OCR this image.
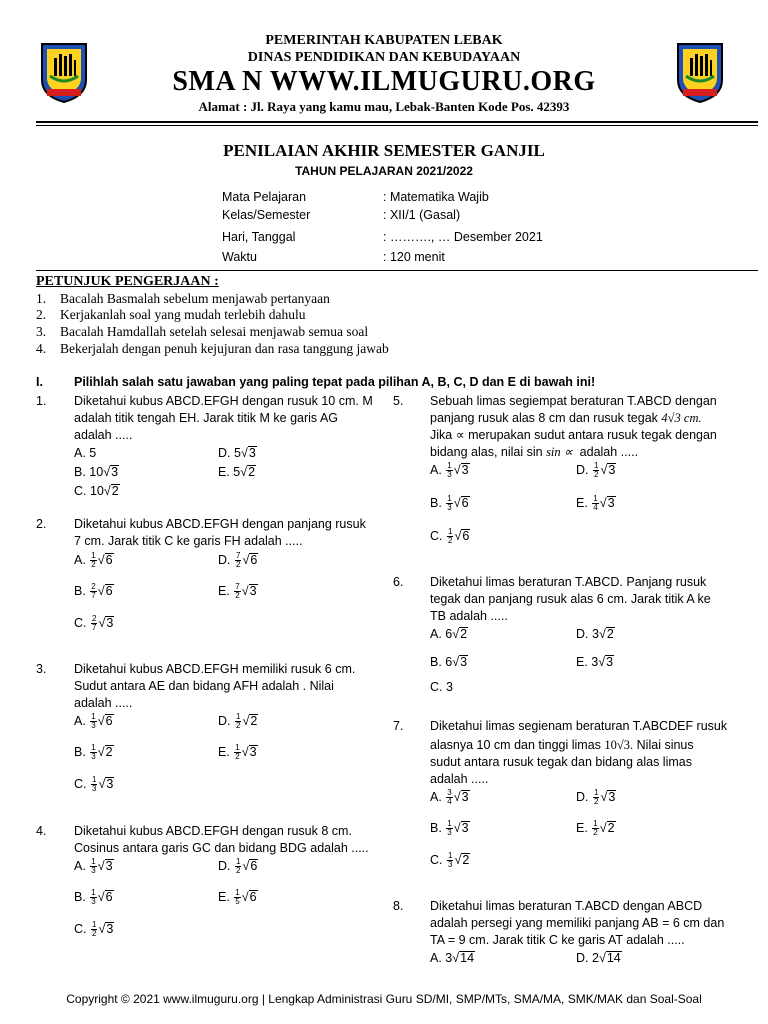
PEMERINTAH KABUPATEN LEBAK
DINAS PENDIDIKAN DAN KEBUDAYAAN
SMA N WWW.ILMUGURU.ORG
Alamat : Jl. Raya yang kamu mau, Lebak-Banten Kode Pos. 42393
PENILAIAN AKHIR SEMESTER GANJIL
TAHUN PELAJARAN 2021/2022
Mata Pelajaran	: Matematika Wajib
Kelas/Semester	: XII/1 (Gasal)
Hari, Tanggal	: ………., … Desember 2021
Waktu	: 120 menit
PETUNJUK PENGERJAAN :
1. Bacalah Basmalah sebelum menjawab pertanyaan
2. Kerjakanlah soal yang mudah terlebih dahulu
3. Bacalah Hamdallah setelah selesai menjawab semua soal
4. Bekerjalah dengan penuh kejujuran dan rasa tanggung jawab
I. Pilihlah salah satu jawaban yang paling tepat pada pilihan A, B, C, D dan E di bawah ini!
1. Diketahui kubus ABCD.EFGH dengan rusuk 10 cm. M
adalah titik tengah EH. Jarak titik M ke garis AG
adalah .....
A. 5	D. 5√3
B. 10√3	E. 5√2
C. 10√2
2. Diketahui kubus ABCD.EFGH dengan panjang rusuk
7 cm. Jarak titik C ke garis FH adalah .....
A. $\frac{1}{2} √6$	D. $\frac{7}{2} √6$
B. $\frac{2}{7} √6$	E. $\frac{7}{2} √3$
C. $\frac{2}{7} √3$
3. Diketahui kubus ABCD.EFGH memiliki rusuk 6 cm.
Sudut antara AE dan bidang AFH adalah . Nilai
adalah .....
A. $\frac{1}{3} √6$	D. $\frac{1}{2} √2$
B. $\frac{1}{3} √2$	E. $\frac{1}{2} √3$
C. $\frac{1}{3} √3$
4. Diketahui kubus ABCD.EFGH dengan rusuk 8 cm.
Cosinus antara garis GC dan bidang BDG adalah .....
A. $\frac{1}{3} √3$	D. $\frac{1}{2} √6$
B. $\frac{1}{3} √6$	E. $\frac{1}{5} √6$
C. $\frac{1}{2} √3$
5. Sebuah limas segiempat beraturan T.ABCD dengan
panjang rusuk alas 8 cm dan rusuk tegak 4√3 cm.
Jika ∝ merupakan sudut antara rusuk tegak dengan
bidang alas, nilai sin sin ∝ adalah .....
A. $\frac{1}{3} √3$	D. $\frac{1}{2} √3$
B. $\frac{1}{3} √6$	E. $\frac{1}{4} √3$
C. $\frac{1}{2} √6$
6. Diketahui limas beraturan T.ABCD. Panjang rusuk
tegak dan panjang rusuk alas 6 cm. Jarak titik A ke
TB adalah .....
A. 6√2	D. 3√2
B. 6√3	E. 3√3
C. 3
7. Diketahui limas segienam beraturan T.ABCDEF rusuk
alasnya 10 cm dan tinggi limas 10√3. Nilai sinus
sudut antara rusuk tegak dan bidang alas limas
adalah .....
A. $\frac{3}{4} √3$	D. $\frac{1}{2} √3$
B. $\frac{1}{3} √3$	E. $\frac{1}{2} √2$
C. $\frac{1}{3} √2$
8. Diketahui limas beraturan T.ABCD dengan ABCD
adalah persegi yang memiliki panjang AB = 6 cm dan
TA = 9 cm. Jarak titik C ke garis AT adalah .....
A. 3√14	D. 2√14
Copyright © 2021 www.ilmuguru.org | Lengkap Administrasi Guru SD/MI, SMP/MTs, SMA/MA, SMK/MAK dan Soal-Soal
